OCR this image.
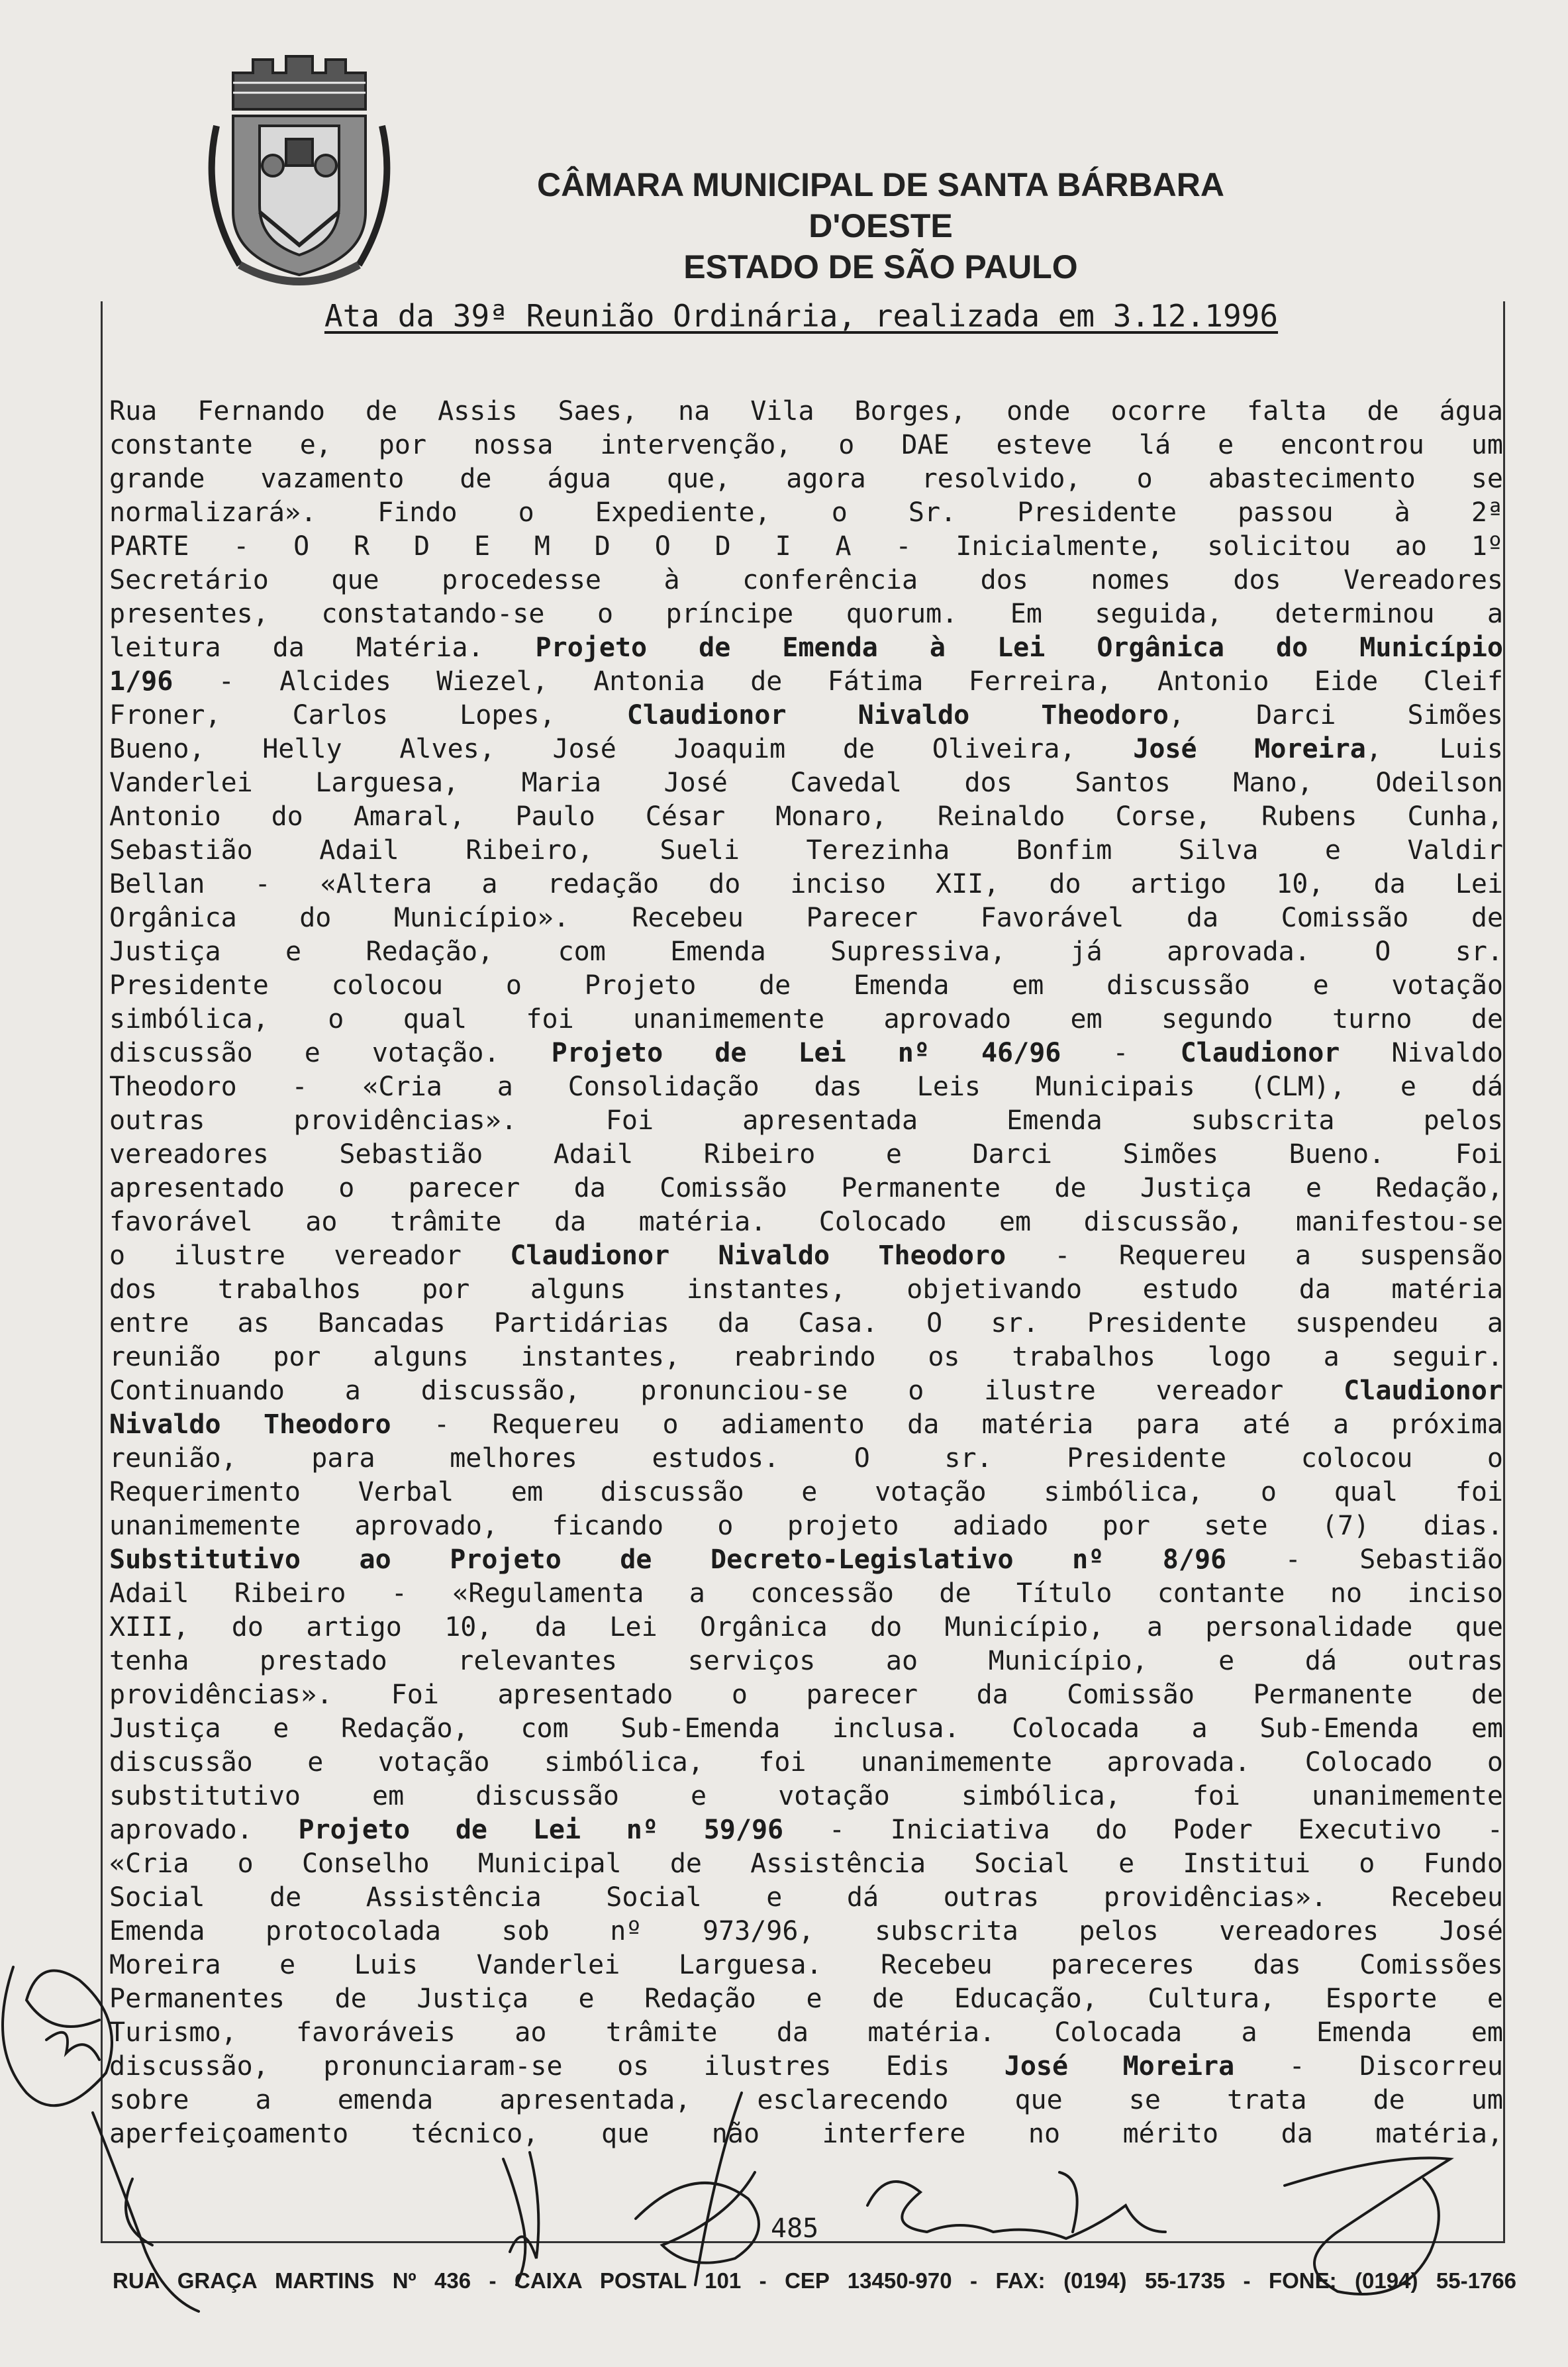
CÂMARA MUNICIPAL DE SANTA BÁRBARA D'OESTE
ESTADO DE SÃO PAULO
Ata da 39ª Reunião Ordinária, realizada em 3.12.1996
Rua Fernando de Assis Saes, na Vila Borges, onde ocorre falta de água
constante e, por nossa intervenção, o DAE esteve lá e encontrou um
grande vazamento de água que, agora resolvido, o abastecimento se
normalizará». Findo o Expediente, o Sr. Presidente passou à 2ª
PARTE - O R D E M D O D I A - Inicialmente, solicitou ao 1º
Secretário que procedesse à conferência dos nomes dos Vereadores
presentes, constatando-se o príncipe quorum. Em seguida, determinou a
leitura da Matéria. Projeto de Emenda à Lei Orgânica do Município
1/96 - Alcides Wiezel, Antonia de Fátima Ferreira, Antonio Eide Cleif
Froner, Carlos Lopes, Claudionor Nivaldo Theodoro, Darci Simões
Bueno, Helly Alves, José Joaquim de Oliveira, José Moreira, Luis
Vanderlei Larguesa, Maria José Cavedal dos Santos Mano, Odeilson
Antonio do Amaral, Paulo César Monaro, Reinaldo Corse, Rubens Cunha,
Sebastião Adail Ribeiro, Sueli Terezinha Bonfim Silva e Valdir
Bellan - «Altera a redação do inciso XII, do artigo 10, da Lei
Orgânica do Município». Recebeu Parecer Favorável da Comissão de
Justiça e Redação, com Emenda Supressiva, já aprovada. O sr.
Presidente colocou o Projeto de Emenda em discussão e votação
simbólica, o qual foi unanimemente aprovado em segundo turno de
discussão e votação. Projeto de Lei nº 46/96 - Claudionor Nivaldo
Theodoro - «Cria a Consolidação das Leis Municipais (CLM), e dá
outras providências». Foi apresentada Emenda subscrita pelos
vereadores Sebastião Adail Ribeiro e Darci Simões Bueno. Foi
apresentado o parecer da Comissão Permanente de Justiça e Redação,
favorável ao trâmite da matéria. Colocado em discussão, manifestou-se
o ilustre vereador Claudionor Nivaldo Theodoro - Requereu a suspensão
dos trabalhos por alguns instantes, objetivando estudo da matéria
entre as Bancadas Partidárias da Casa. O sr. Presidente suspendeu a
reunião por alguns instantes, reabrindo os trabalhos logo a seguir.
Continuando a discussão, pronunciou-se o ilustre vereador Claudionor
Nivaldo Theodoro - Requereu o adiamento da matéria para até a próxima
reunião, para melhores estudos. O sr. Presidente colocou o
Requerimento Verbal em discussão e votação simbólica, o qual foi
unanimemente aprovado, ficando o projeto adiado por sete (7) dias.
Substitutivo ao Projeto de Decreto-Legislativo nº 8/96 - Sebastião
Adail Ribeiro - «Regulamenta a concessão de Título contante no inciso
XIII, do artigo 10, da Lei Orgânica do Município, a personalidade que
tenha prestado relevantes serviços ao Município, e dá outras
providências». Foi apresentado o parecer da Comissão Permanente de
Justiça e Redação, com Sub-Emenda inclusa. Colocada a Sub-Emenda em
discussão e votação simbólica, foi unanimemente aprovada. Colocado o
substitutivo em discussão e votação simbólica, foi unanimemente
aprovado. Projeto de Lei nº 59/96 - Iniciativa do Poder Executivo -
«Cria o Conselho Municipal de Assistência Social e Institui o Fundo
Social de Assistência Social e dá outras providências». Recebeu
Emenda protocolada sob nº 973/96, subscrita pelos vereadores José
Moreira e Luis Vanderlei Larguesa. Recebeu pareceres das Comissões
Permanentes de Justiça e Redação e de Educação, Cultura, Esporte e
Turismo, favoráveis ao trâmite da matéria. Colocada a Emenda em
discussão, pronunciaram-se os ilustres Edis José Moreira - Discorreu
sobre a emenda apresentada, esclarecendo que se trata de um
aperfeiçoamento técnico, que não interfere no mérito da matéria,
485
RUA GRAÇA MARTINS Nº 436 - CAIXA POSTAL 101 - CEP 13450-970 - FAX: (0194) 55-1735 - FONE: (0194) 55-1766
